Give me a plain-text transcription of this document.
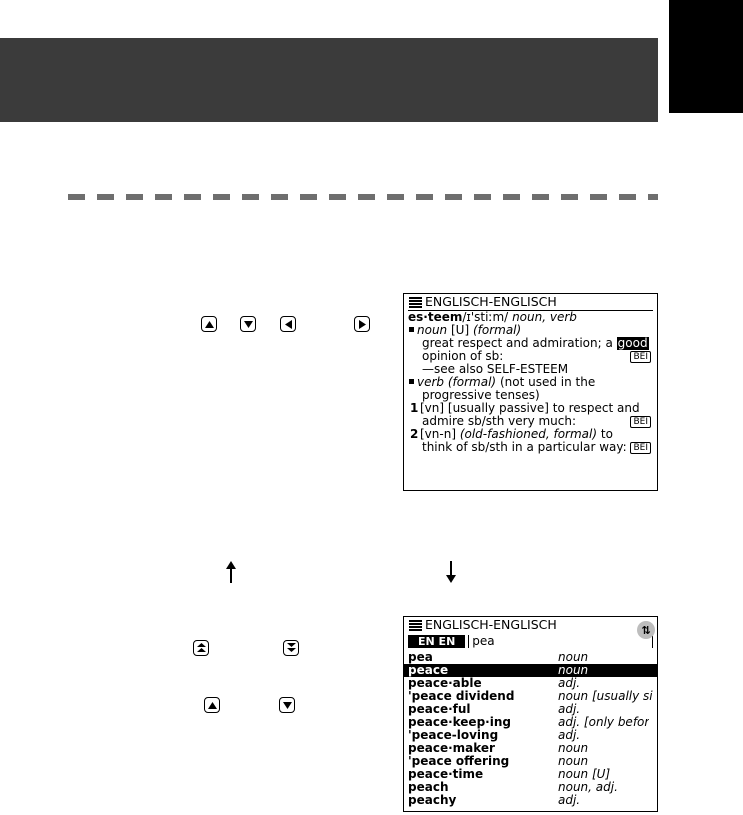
ENGLISCH-ENGLISCH
es·teem/ɪ'stiːm/ noun, verb
noun [U] (formal)
great respect and admiration; a good
opinion of sb:	BEI
—see also SELF-ESTEEM
verb (formal) (not used in the
progressive tenses)
1 [vn] [usually passive] to respect and
admire sb/sth very much:	BEI
2 [vn-n] (old-fashioned, formal) to
think of sb/sth in a particular way: BEI
ENGLISCH-ENGLISCH	⇅
EN EN	pea
pea	noun
peace	noun
peace·able	adj.
'peace dividend	noun [usually si
peace·ful	adj.
peace·keep·ing	adj. [only befor
'peace-loving	adj.
peace·maker	noun
'peace offering	noun
peace·time	noun [U]
peach	noun, adj.
peachy	adj.
